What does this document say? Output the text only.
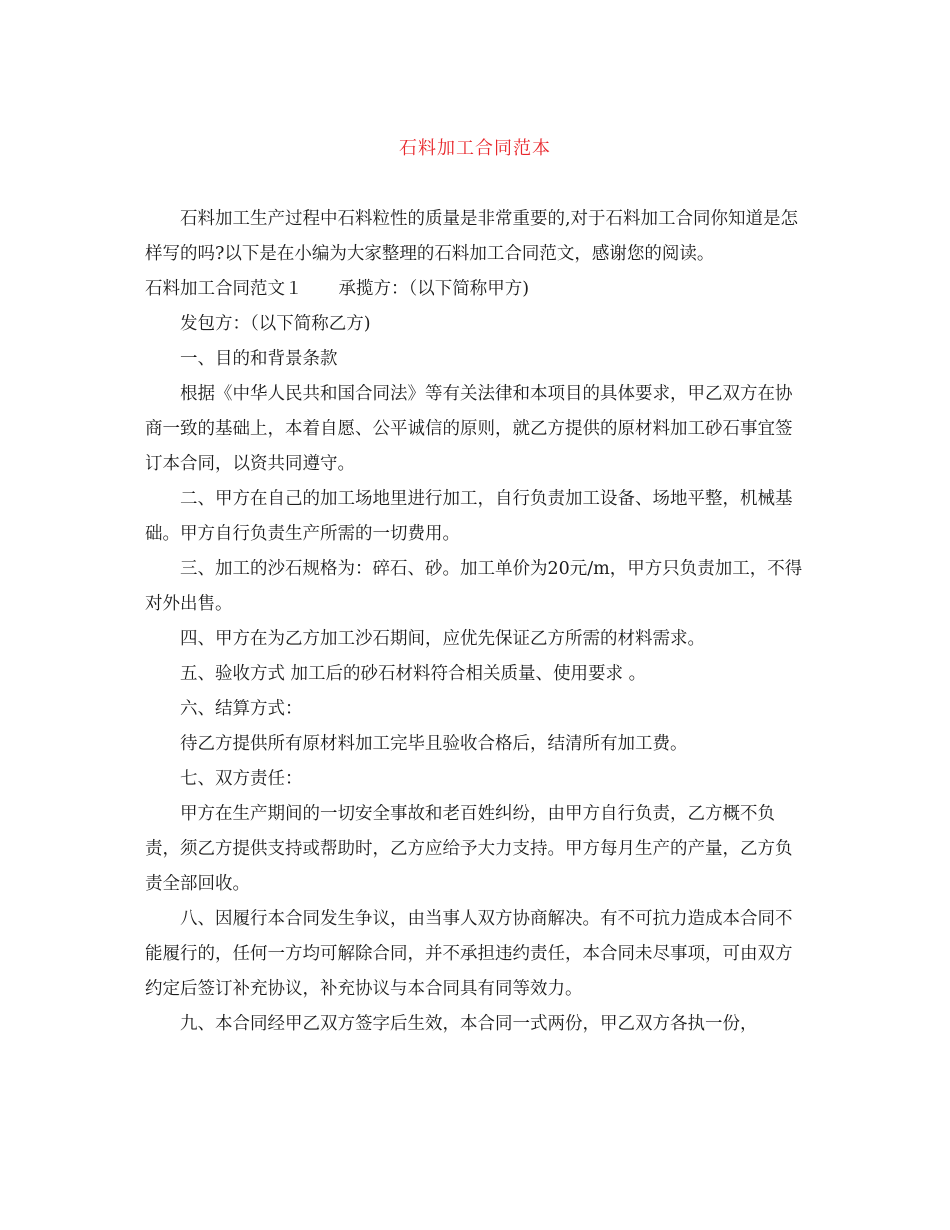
石料加工合同范本

石料加工生产过程中石料粒性的质量是非常重要的,对于石料加工合同你知道是怎样写的吗?以下是在小编为大家整理的石料加工合同范文，感谢您的阅读。

石料加工合同范文１ 承揽方：（以下简称甲方)

发包方：（以下简称乙方)

一、目的和背景条款

根据《中华人民共和国合同法》等有关法律和本项目的具体要求，甲乙双方在协商一致的基础上，本着自愿、公平诚信的原则，就乙方提供的原材料加工砂石事宜签订本合同，以资共同遵守。

二、甲方在自己的加工场地里进行加工，自行负责加工设备、场地平整，机械基础。甲方自行负责生产所需的一切费用。

三、加工的沙石规格为：碎石、砂。加工单价为20元/m，甲方只负责加工，不得对外出售。

四、甲方在为乙方加工沙石期间，应优先保证乙方所需的材料需求。

五、验收方式 加工后的砂石材料符合相关质量、使用要求 。

六、结算方式：

待乙方提供所有原材料加工完毕且验收合格后，结清所有加工费。

七、双方责任：

甲方在生产期间的一切安全事故和老百姓纠纷，由甲方自行负责，乙方概不负责，须乙方提供支持或帮助时，乙方应给予大力支持。甲方每月生产的产量，乙方负责全部回收。

八、因履行本合同发生争议，由当事人双方协商解决。有不可抗力造成本合同不能履行的，任何一方均可解除合同，并不承担违约责任，本合同未尽事项，可由双方约定后签订补充协议，补充协议与本合同具有同等效力。

九、本合同经甲乙双方签字后生效，本合同一式两份，甲乙双方各执一份，
